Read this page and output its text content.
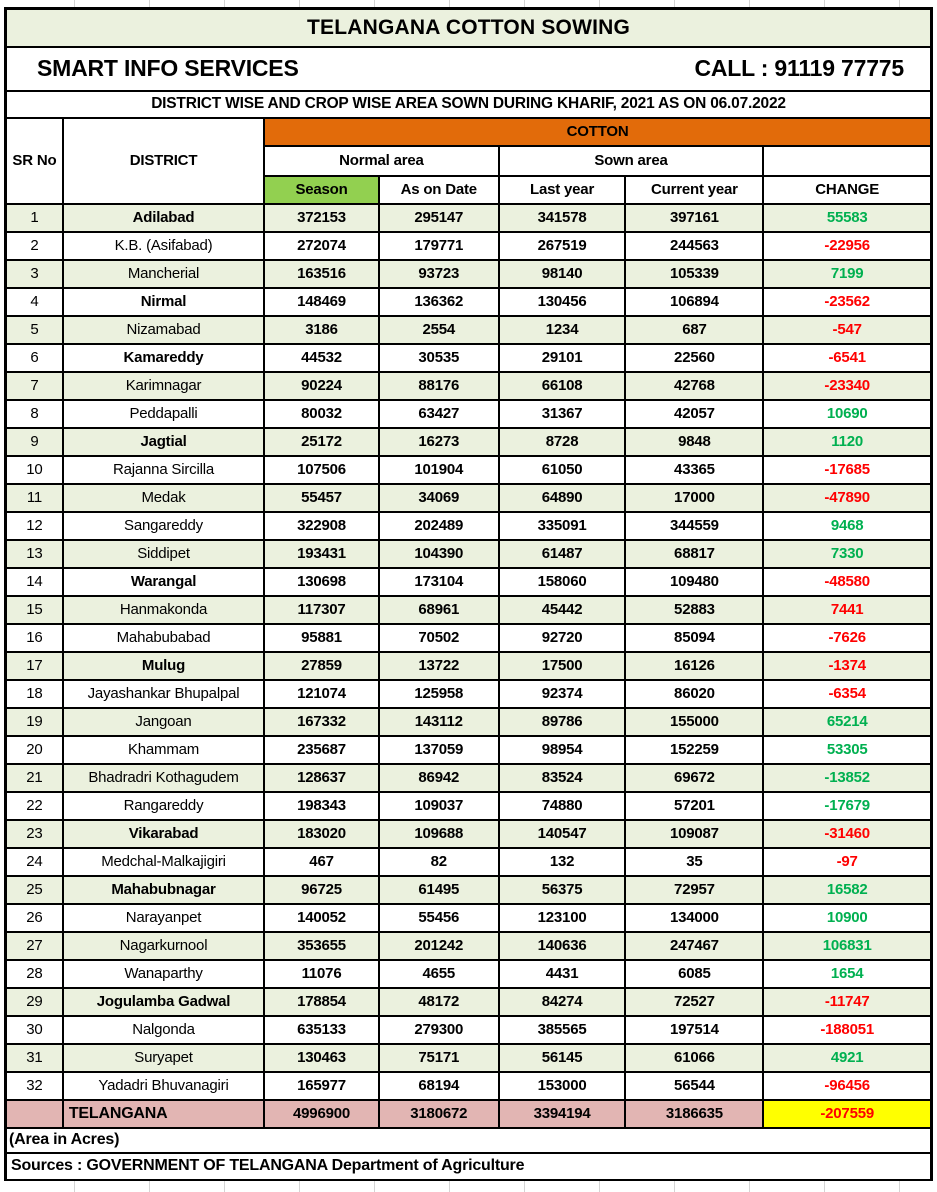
TELANGANA COTTON SOWING						

SMART INFO SERVICES CALL : 91119 77775						

DISTRICT WISE AND CROP WISE AREA SOWN DURING KHARIF, 2021 AS ON 06.07.2022						
SR No	DISTRICT	COTTON				
		Normal area		Sown area		
		Season	As on Date	Last year	Current year	CHANGE
1	Adilabad	372153	295147	341578	397161	55583
2	K.B. (Asifabad)	272074	179771	267519	244563	-22956
3	Mancherial	163516	93723	98140	105339	7199
4	Nirmal	148469	136362	130456	106894	-23562
5	Nizamabad	3186	2554	1234	687	-547
6	Kamareddy	44532	30535	29101	22560	-6541
7	Karimnagar	90224	88176	66108	42768	-23340
8	Peddapalli	80032	63427	31367	42057	10690
9	Jagtial	25172	16273	8728	9848	1120
10	Rajanna Sircilla	107506	101904	61050	43365	-17685
11	Medak	55457	34069	64890	17000	-47890
12	Sangareddy	322908	202489	335091	344559	9468
13	Siddipet	193431	104390	61487	68817	7330
14	Warangal	130698	173104	158060	109480	-48580
15	Hanmakonda	117307	68961	45442	52883	7441
16	Mahabubabad	95881	70502	92720	85094	-7626
17	Mulug	27859	13722	17500	16126	-1374
18	Jayashankar Bhupalpal	121074	125958	92374	86020	-6354
19	Jangoan	167332	143112	89786	155000	65214
20	Khammam	235687	137059	98954	152259	53305
21	Bhadradri Kothagudem	128637	86942	83524	69672	-13852
22	Rangareddy	198343	109037	74880	57201	-17679
23	Vikarabad	183020	109688	140547	109087	-31460
24	Medchal-Malkajigiri	467	82	132	35	-97
25	Mahabubnagar	96725	61495	56375	72957	16582
26	Narayanpet	140052	55456	123100	134000	10900
27	Nagarkurnool	353655	201242	140636	247467	106831
28	Wanaparthy	11076	4655	4431	6085	1654
29	Jogulamba Gadwal	178854	48172	84274	72527	-11747
30	Nalgonda	635133	279300	385565	197514	-188051
31	Suryapet	130463	75171	56145	61066	4921
32	Yadadri Bhuvanagiri	165977	68194	153000	56544	-96456
	TELANGANA	4996900	3180672	3394194	3186635	-207559
(Area in Acres)						
Sources : GOVERNMENT OF TELANGANA Department of Agriculture						
